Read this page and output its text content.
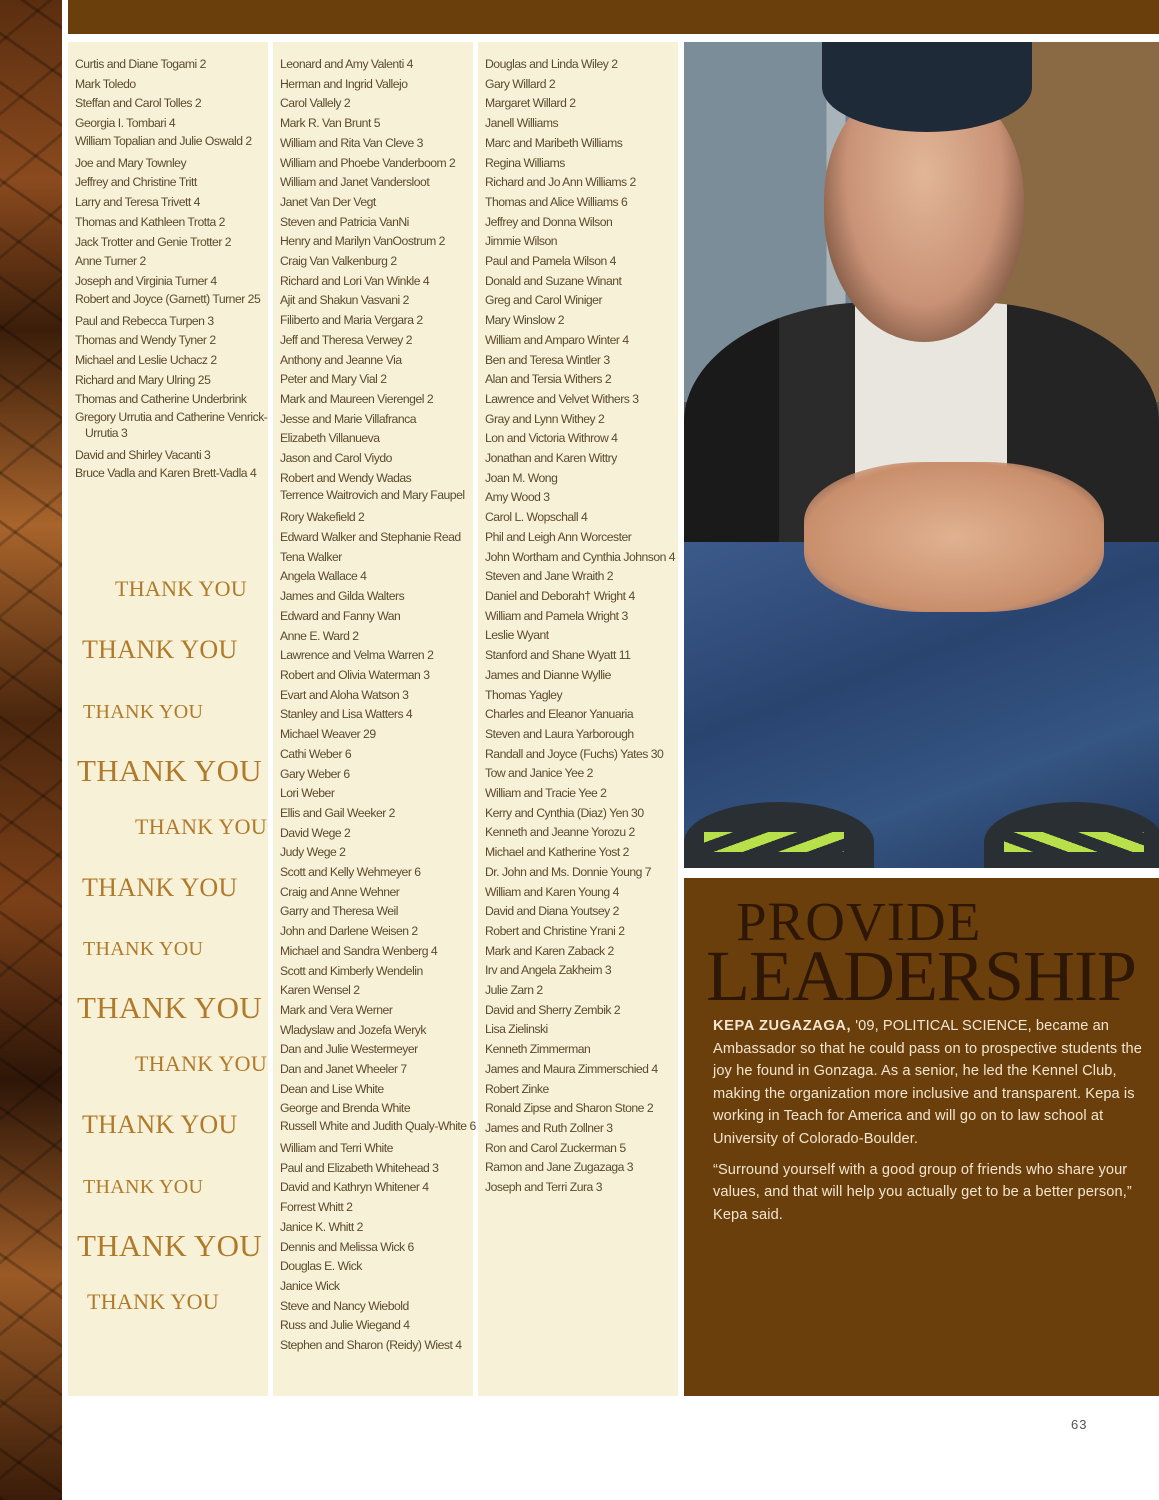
Curtis and Diane Togami 2
Mark Toledo
Steffan and Carol Tolles 2
Georgia I. Tombari 4
William Topalian and Julie Oswald 2
Joe and Mary Townley
Jeffrey and Christine Tritt
Larry and Teresa Trivett 4
Thomas and Kathleen Trotta 2
Jack Trotter and Genie Trotter 2
Anne Turner 2
Joseph and Virginia Turner 4
Robert and Joyce (Garnett) Turner 25
Paul and Rebecca Turpen 3
Thomas and Wendy Tyner 2
Michael and Leslie Uchacz 2
Richard and Mary Ulring 25
Thomas and Catherine Underbrink
Gregory Urrutia and Catherine Venrick-Urrutia 3
David and Shirley Vacanti 3
Bruce Vadla and Karen Brett-Vadla 4
THANK YOU
THANK YOU
THANK YOU
THANK YOU
THANK YOU
THANK YOU
THANK YOU
THANK YOU
THANK YOU
THANK YOU
THANK YOU
THANK YOU
THANK YOU
Leonard and Amy Valenti 4
Herman and Ingrid Vallejo
Carol Vallely 2
Mark R. Van Brunt 5
William and Rita Van Cleve 3
William and Phoebe Vanderboom 2
William and Janet Vandersloot
Janet Van Der Vegt
Steven and Patricia VanNi
Henry and Marilyn VanOostrum 2
Craig Van Valkenburg 2
Richard and Lori Van Winkle 4
Ajit and Shakun Vasvani 2
Filiberto and Maria Vergara 2
Jeff and Theresa Verwey 2
Anthony and Jeanne Via
Peter and Mary Vial 2
Mark and Maureen Vierengel 2
Jesse and Marie Villafranca
Elizabeth Villanueva
Jason and Carol Viydo
Robert and Wendy Wadas
Terrence Waitrovich and Mary Faupel
Rory Wakefield 2
Edward Walker and Stephanie Read
Tena Walker
Angela Wallace 4
James and Gilda Walters
Edward and Fanny Wan
Anne E. Ward 2
Lawrence and Velma Warren 2
Robert and Olivia Waterman 3
Evart and Aloha Watson 3
Stanley and Lisa Watters 4
Michael Weaver 29
Cathi Weber 6
Gary Weber 6
Lori Weber
Ellis and Gail Weeker 2
David Wege 2
Judy Wege 2
Scott and Kelly Wehmeyer 6
Craig and Anne Wehner
Garry and Theresa Weil
John and Darlene Weisen 2
Michael and Sandra Wenberg 4
Scott and Kimberly Wendelin
Karen Wensel 2
Mark and Vera Werner
Wladyslaw and Jozefa Weryk
Dan and Julie Westermeyer
Dan and Janet Wheeler 7
Dean and Lise White
George and Brenda White
Russell White and Judith Qualy-White 6
William and Terri White
Paul and Elizabeth Whitehead 3
David and Kathryn Whitener 4
Forrest Whitt 2
Janice K. Whitt 2
Dennis and Melissa Wick 6
Douglas E. Wick
Janice Wick
Steve and Nancy Wiebold
Russ and Julie Wiegand 4
Stephen and Sharon (Reidy) Wiest 4
Douglas and Linda Wiley 2
Gary Willard 2
Margaret Willard 2
Janell Williams
Marc and Maribeth Williams
Regina Williams
Richard and Jo Ann Williams 2
Thomas and Alice Williams 6
Jeffrey and Donna Wilson
Jimmie Wilson
Paul and Pamela Wilson 4
Donald and Suzane Winant
Greg and Carol Winiger
Mary Winslow 2
William and Amparo Winter 4
Ben and Teresa Wintler 3
Alan and Tersia Withers 2
Lawrence and Velvet Withers 3
Gray and Lynn Withey 2
Lon and Victoria Withrow 4
Jonathan and Karen Wittry
Joan M. Wong
Amy Wood 3
Carol L. Wopschall 4
Phil and Leigh Ann Worcester
John Wortham and Cynthia Johnson 4
Steven and Jane Wraith 2
Daniel and Deborah† Wright 4
William and Pamela Wright 3
Leslie Wyant
Stanford and Shane Wyatt 11
James and Dianne Wyllie
Thomas Yagley
Charles and Eleanor Yanuaria
Steven and Laura Yarborough
Randall and Joyce (Fuchs) Yates 30
Tow and Janice Yee 2
William and Tracie Yee 2
Kerry and Cynthia (Diaz) Yen 30
Kenneth and Jeanne Yorozu 2
Michael and Katherine Yost 2
Dr. John and Ms. Donnie Young 7
William and Karen Young 4
David and Diana Youtsey 2
Robert and Christine Yrani 2
Mark and Karen Zaback 2
Irv and Angela Zakheim 3
Julie Zarn 2
David and Sherry Zembik 2
Lisa Zielinski
Kenneth Zimmerman
James and Maura Zimmerschied 4
Robert Zinke
Ronald Zipse and Sharon Stone 2
James and Ruth Zollner 3
Ron and Carol Zuckerman 5
Ramon and Jane Zugazaga 3
Joseph and Terri Zura 3
PROVIDE
LEADERSHIP

KEPA ZUGAZAGA, '09, POLITICAL SCIENCE, became an Ambassador so that he could pass on to prospective students the joy he found in Gonzaga. As a senior, he led the Kennel Club, making the organization more inclusive and transparent. Kepa is working in Teach for America and will go on to law school at University of Colorado-Boulder.

“Surround yourself with a good group of friends who share your values, and that will help you actually get to be a better person,” Kepa said.

63
